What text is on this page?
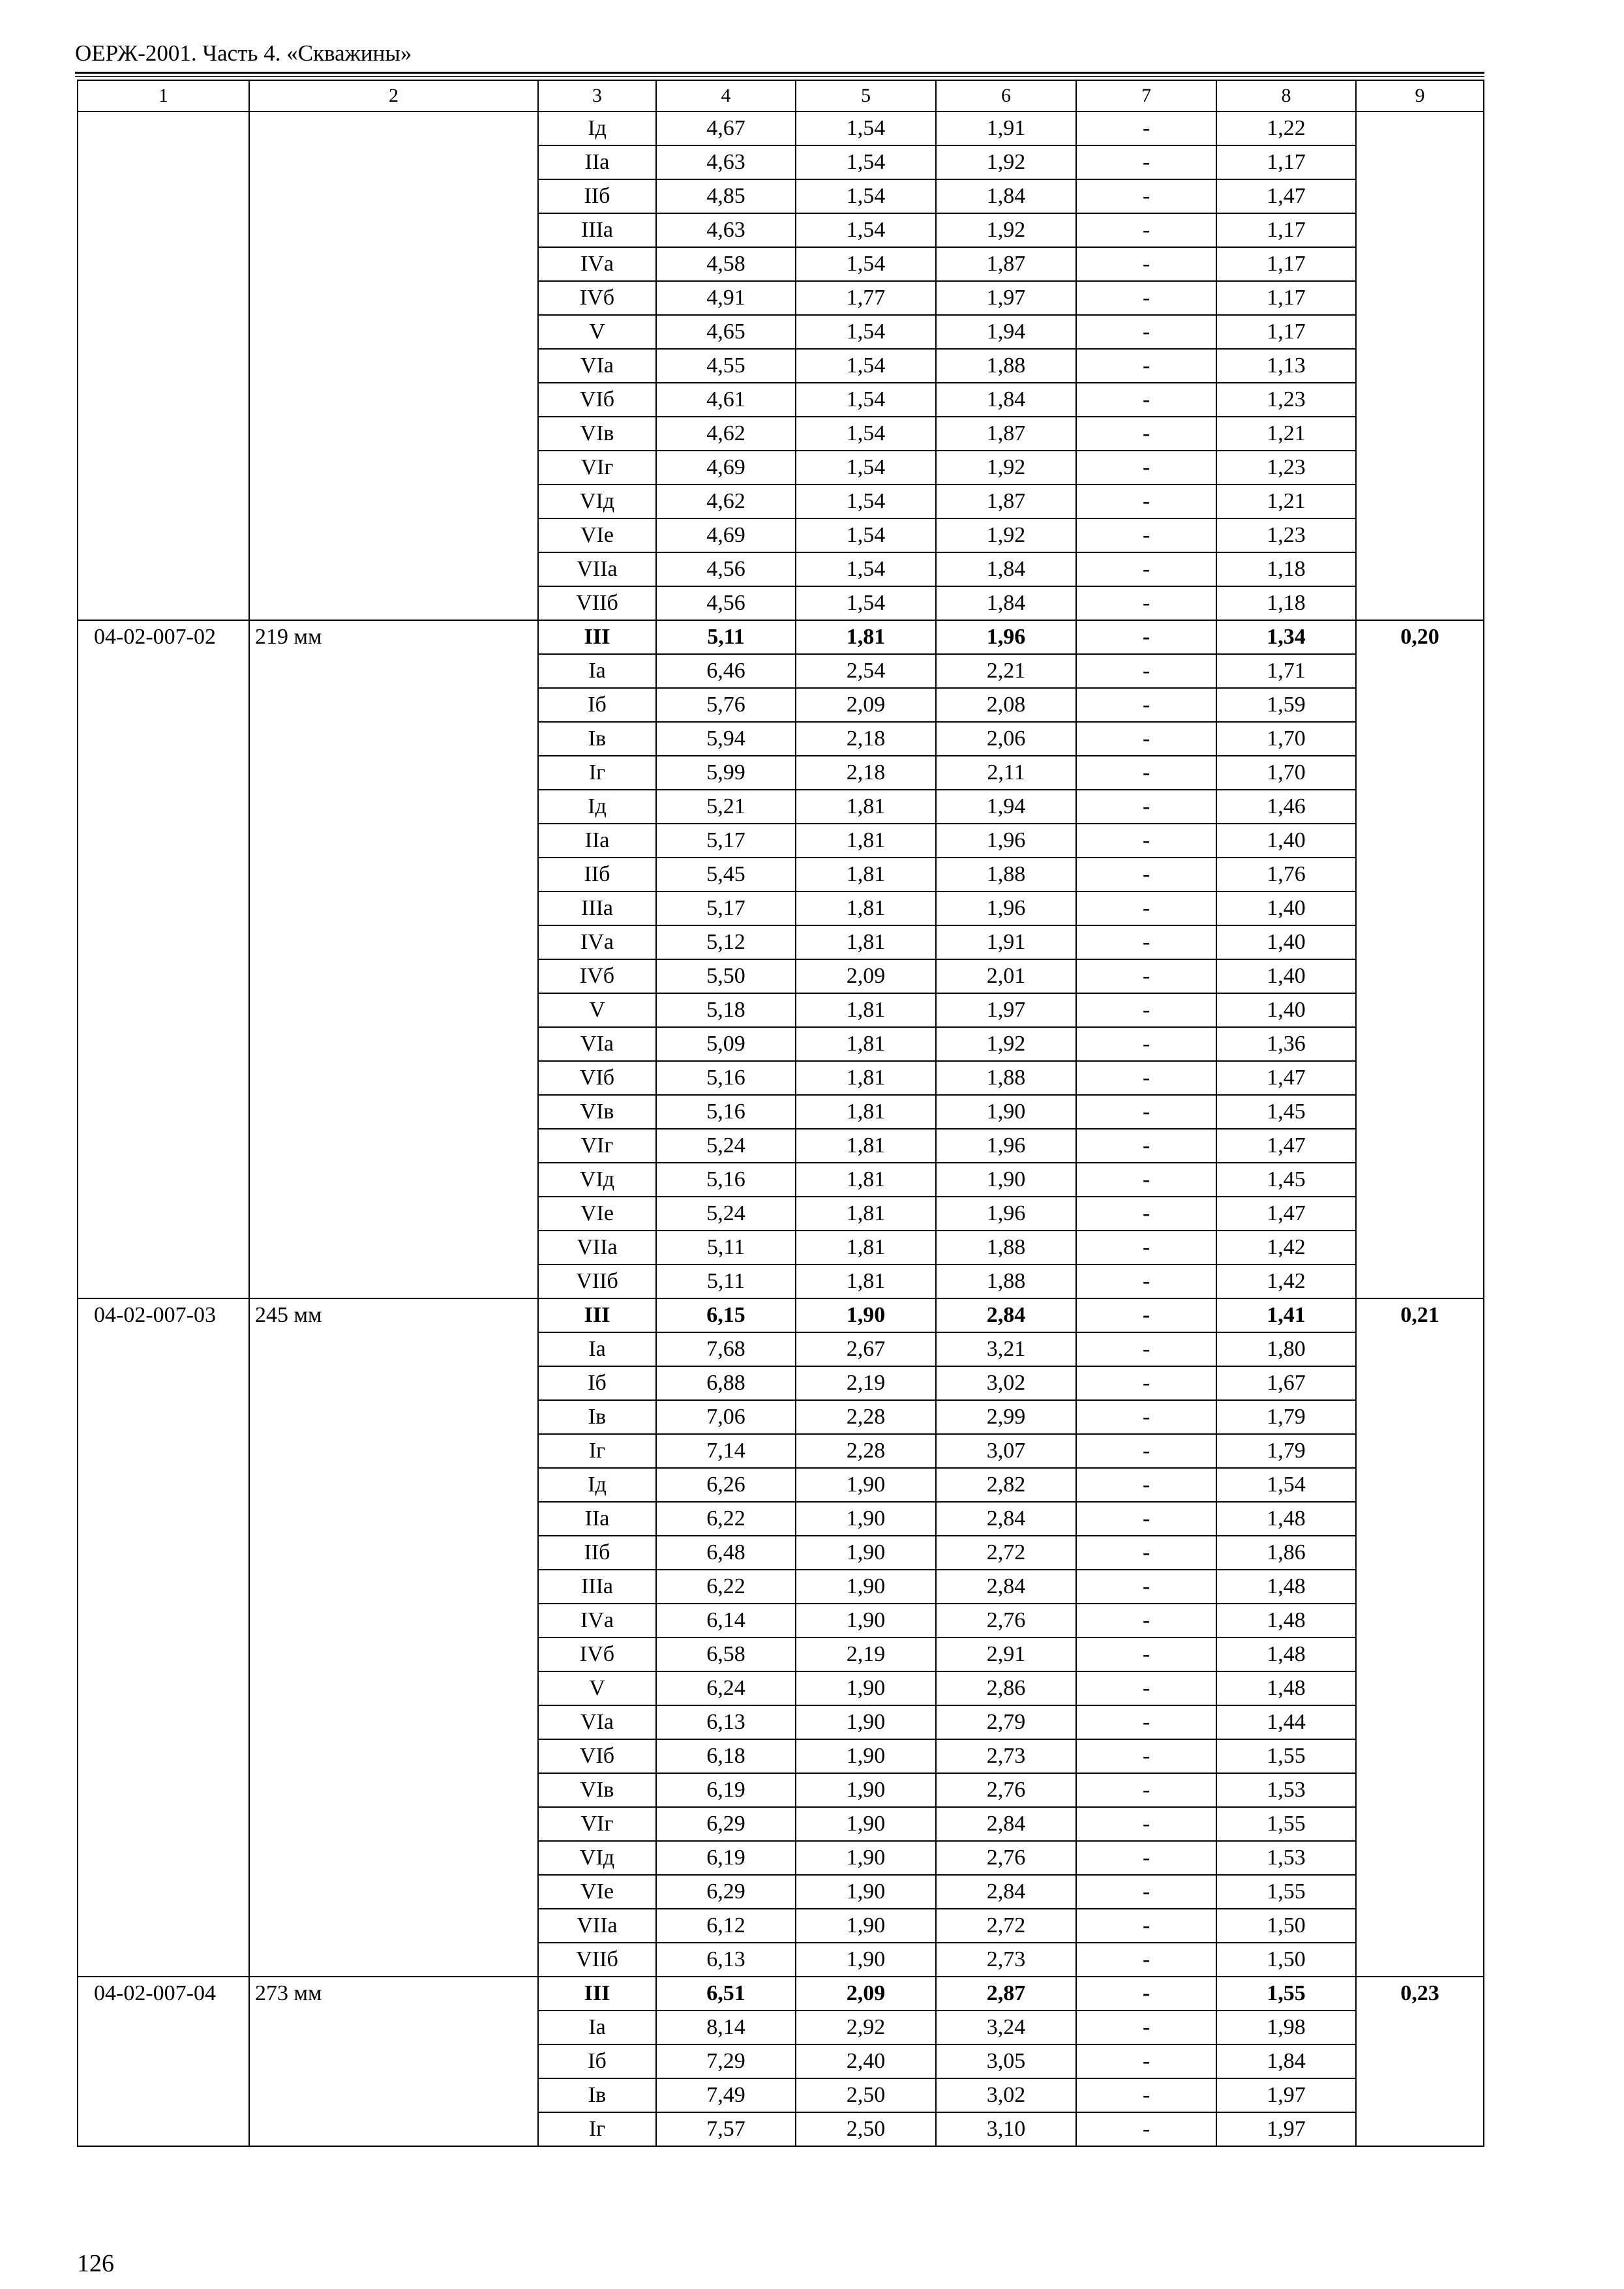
ОЕРЖ-2001. Часть 4. «Скважины»
1	2	3	4	5	6	7	8	9
		Iд	4,67	1,54	1,91	-	1,22	
		IIа	4,63	1,54	1,92	-	1,17	
		IIб	4,85	1,54	1,84	-	1,47	
		IIIа	4,63	1,54	1,92	-	1,17	
		IVа	4,58	1,54	1,87	-	1,17	
		IVб	4,91	1,77	1,97	-	1,17	
		V	4,65	1,54	1,94	-	1,17	
		VIа	4,55	1,54	1,88	-	1,13	
		VIб	4,61	1,54	1,84	-	1,23	
		VIв	4,62	1,54	1,87	-	1,21	
		VIг	4,69	1,54	1,92	-	1,23	
		VIд	4,62	1,54	1,87	-	1,21	
		VIе	4,69	1,54	1,92	-	1,23	
		VIIа	4,56	1,54	1,84	-	1,18	
		VIIб	4,56	1,54	1,84	-	1,18	
04-02-007-02	219 мм	III	5,11	1,81	1,96	-	1,34	0,20
		Iа	6,46	2,54	2,21	-	1,71	
		Iб	5,76	2,09	2,08	-	1,59	
		Iв	5,94	2,18	2,06	-	1,70	
		Iг	5,99	2,18	2,11	-	1,70	
		Iд	5,21	1,81	1,94	-	1,46	
		IIа	5,17	1,81	1,96	-	1,40	
		IIб	5,45	1,81	1,88	-	1,76	
		IIIа	5,17	1,81	1,96	-	1,40	
		IVа	5,12	1,81	1,91	-	1,40	
		IVб	5,50	2,09	2,01	-	1,40	
		V	5,18	1,81	1,97	-	1,40	
		VIа	5,09	1,81	1,92	-	1,36	
		VIб	5,16	1,81	1,88	-	1,47	
		VIв	5,16	1,81	1,90	-	1,45	
		VIг	5,24	1,81	1,96	-	1,47	
		VIд	5,16	1,81	1,90	-	1,45	
		VIе	5,24	1,81	1,96	-	1,47	
		VIIа	5,11	1,81	1,88	-	1,42	
		VIIб	5,11	1,81	1,88	-	1,42	
04-02-007-03	245 мм	III	6,15	1,90	2,84	-	1,41	0,21
		Iа	7,68	2,67	3,21	-	1,80	
		Iб	6,88	2,19	3,02	-	1,67	
		Iв	7,06	2,28	2,99	-	1,79	
		Iг	7,14	2,28	3,07	-	1,79	
		Iд	6,26	1,90	2,82	-	1,54	
		IIа	6,22	1,90	2,84	-	1,48	
		IIб	6,48	1,90	2,72	-	1,86	
		IIIа	6,22	1,90	2,84	-	1,48	
		IVа	6,14	1,90	2,76	-	1,48	
		IVб	6,58	2,19	2,91	-	1,48	
		V	6,24	1,90	2,86	-	1,48	
		VIа	6,13	1,90	2,79	-	1,44	
		VIб	6,18	1,90	2,73	-	1,55	
		VIв	6,19	1,90	2,76	-	1,53	
		VIг	6,29	1,90	2,84	-	1,55	
		VIд	6,19	1,90	2,76	-	1,53	
		VIе	6,29	1,90	2,84	-	1,55	
		VIIа	6,12	1,90	2,72	-	1,50	
		VIIб	6,13	1,90	2,73	-	1,50	
04-02-007-04	273 мм	III	6,51	2,09	2,87	-	1,55	0,23
		Iа	8,14	2,92	3,24	-	1,98	
		Iб	7,29	2,40	3,05	-	1,84	
		Iв	7,49	2,50	3,02	-	1,97	
		Iг	7,57	2,50	3,10	-	1,97	
126
